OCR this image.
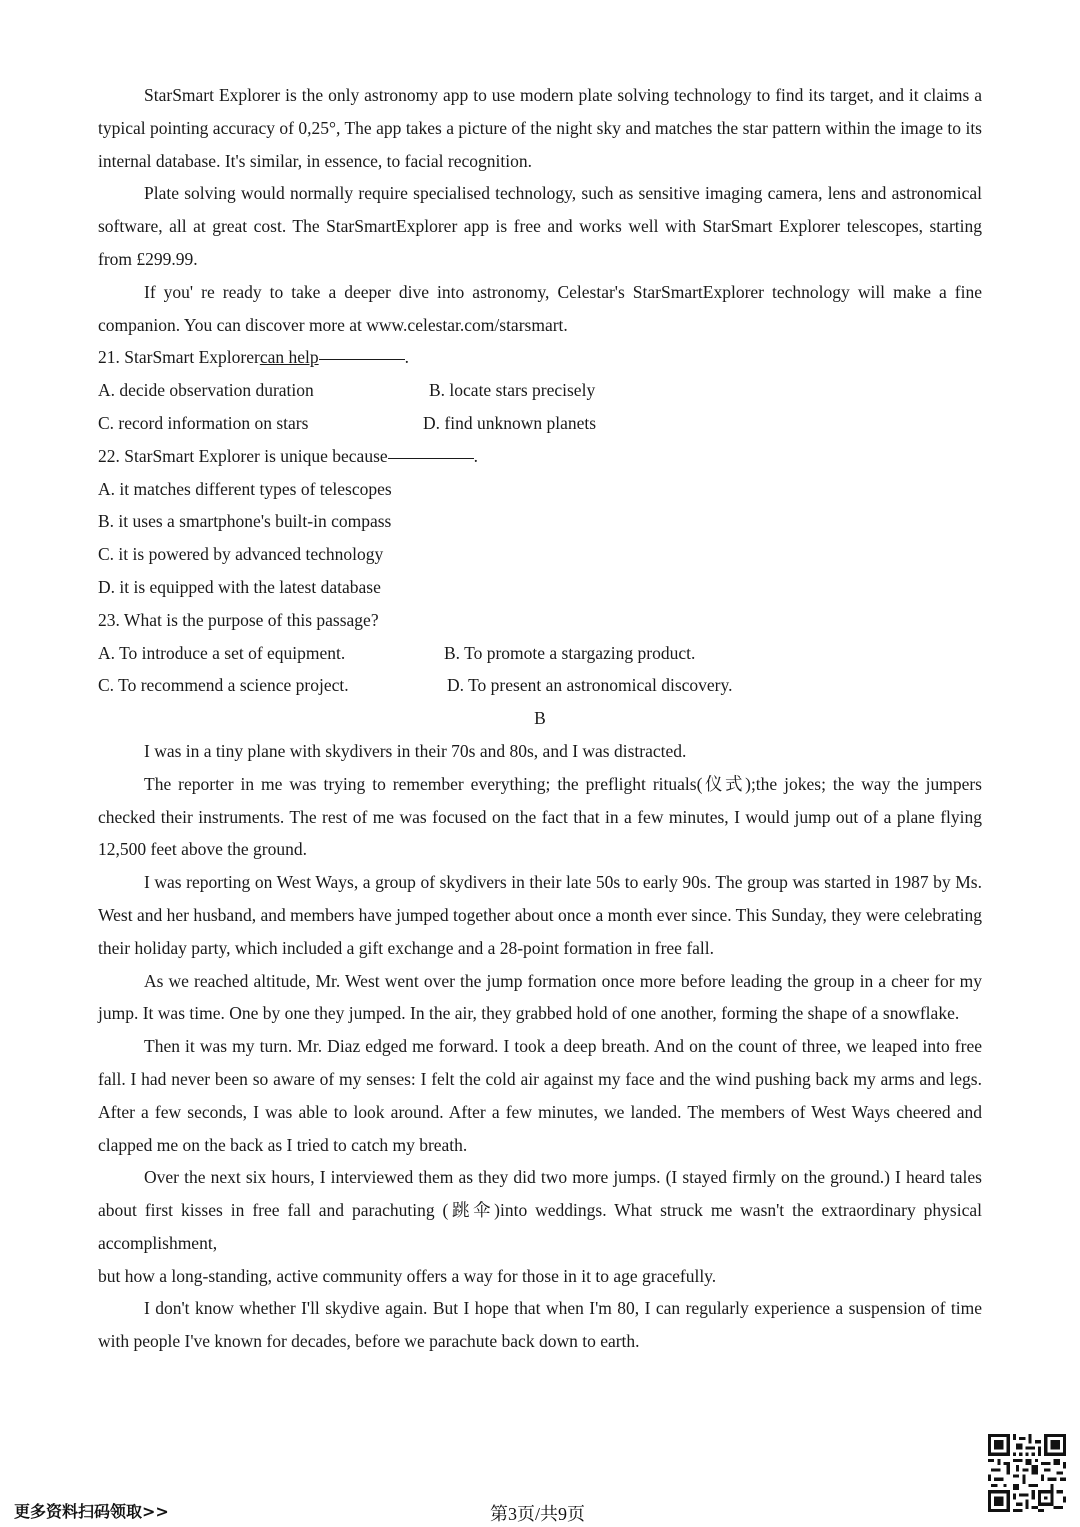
StarSmart Explorer is the only astronomy app to use modern plate solving technology to find its target, and it claims a typical pointing accuracy of 0,25°, The app takes a picture of the night sky and matches the star pattern within the image to its internal database. It's similar, in essence, to facial recognition.

Plate solving would normally require specialised technology, such as sensitive imaging camera, lens and astronomical software, all at great cost. The StarSmartExplorer app is free and works well with StarSmart Explorer telescopes, starting from £299.99.

If you' re ready to take a deeper dive into astronomy, Celestar's StarSmartExplorer technology will make a fine companion. You can discover more at www.celestar.com/starsmart.

21. StarSmart Explorer can help	.
A. decide observation duration	B. locate stars precisely
C. record information on stars	D. find unknown planets
22. StarSmart Explorer is unique because	.
A. it matches different types of telescopes
B. it uses a smartphone's built-in compass
C. it is powered by advanced technology
D. it is equipped with the latest database
23. What is the purpose of this passage?
A. To introduce a set of equipment.	B. To promote a stargazing product.
C. To recommend a science project.	D. To present an astronomical discovery.

B

I was in a tiny plane with skydivers in their 70s and 80s, and I was distracted.

The reporter in me was trying to remember everything; the preflight rituals(仪式);the jokes; the way the jumpers checked their instruments. The rest of me was focused on the fact that in a few minutes, I would jump out of a plane flying 12,500 feet above the ground.

I was reporting on West Ways, a group of skydivers in their late 50s to early 90s. The group was started in 1987 by Ms. West and her husband, and members have jumped together about once a month ever since. This Sunday, they were celebrating their holiday party, which included a gift exchange and a 28-point formation in free fall.

As we reached altitude, Mr. West went over the jump formation once more before leading the group in a cheer for my jump. It was time. One by one they jumped. In the air, they grabbed hold of one another, forming the shape of a snowflake.

Then it was my turn. Mr. Diaz edged me forward. I took a deep breath. And on the count of three, we leaped into free fall. I had never been so aware of my senses: I felt the cold air against my face and the wind pushing back my arms and legs. After a few seconds, I was able to look around. After a few minutes, we landed. The members of West Ways cheered and clapped me on the back as I tried to catch my breath.

Over the next six hours, I interviewed them as they did two more jumps. (I stayed firmly on the ground.) I heard tales about first kisses in free fall and parachuting (跳伞)into weddings. What struck me wasn't the extraordinary physical accomplishment,

but how a long-standing, active community offers a way for those in it to age gracefully.

I don't know whether I'll skydive again. But I hope that when I'm 80, I can regularly experience a suspension of time with people I've known for decades, before we parachute back down to earth.

更多资料扫码领取>>	第3页/共9页
